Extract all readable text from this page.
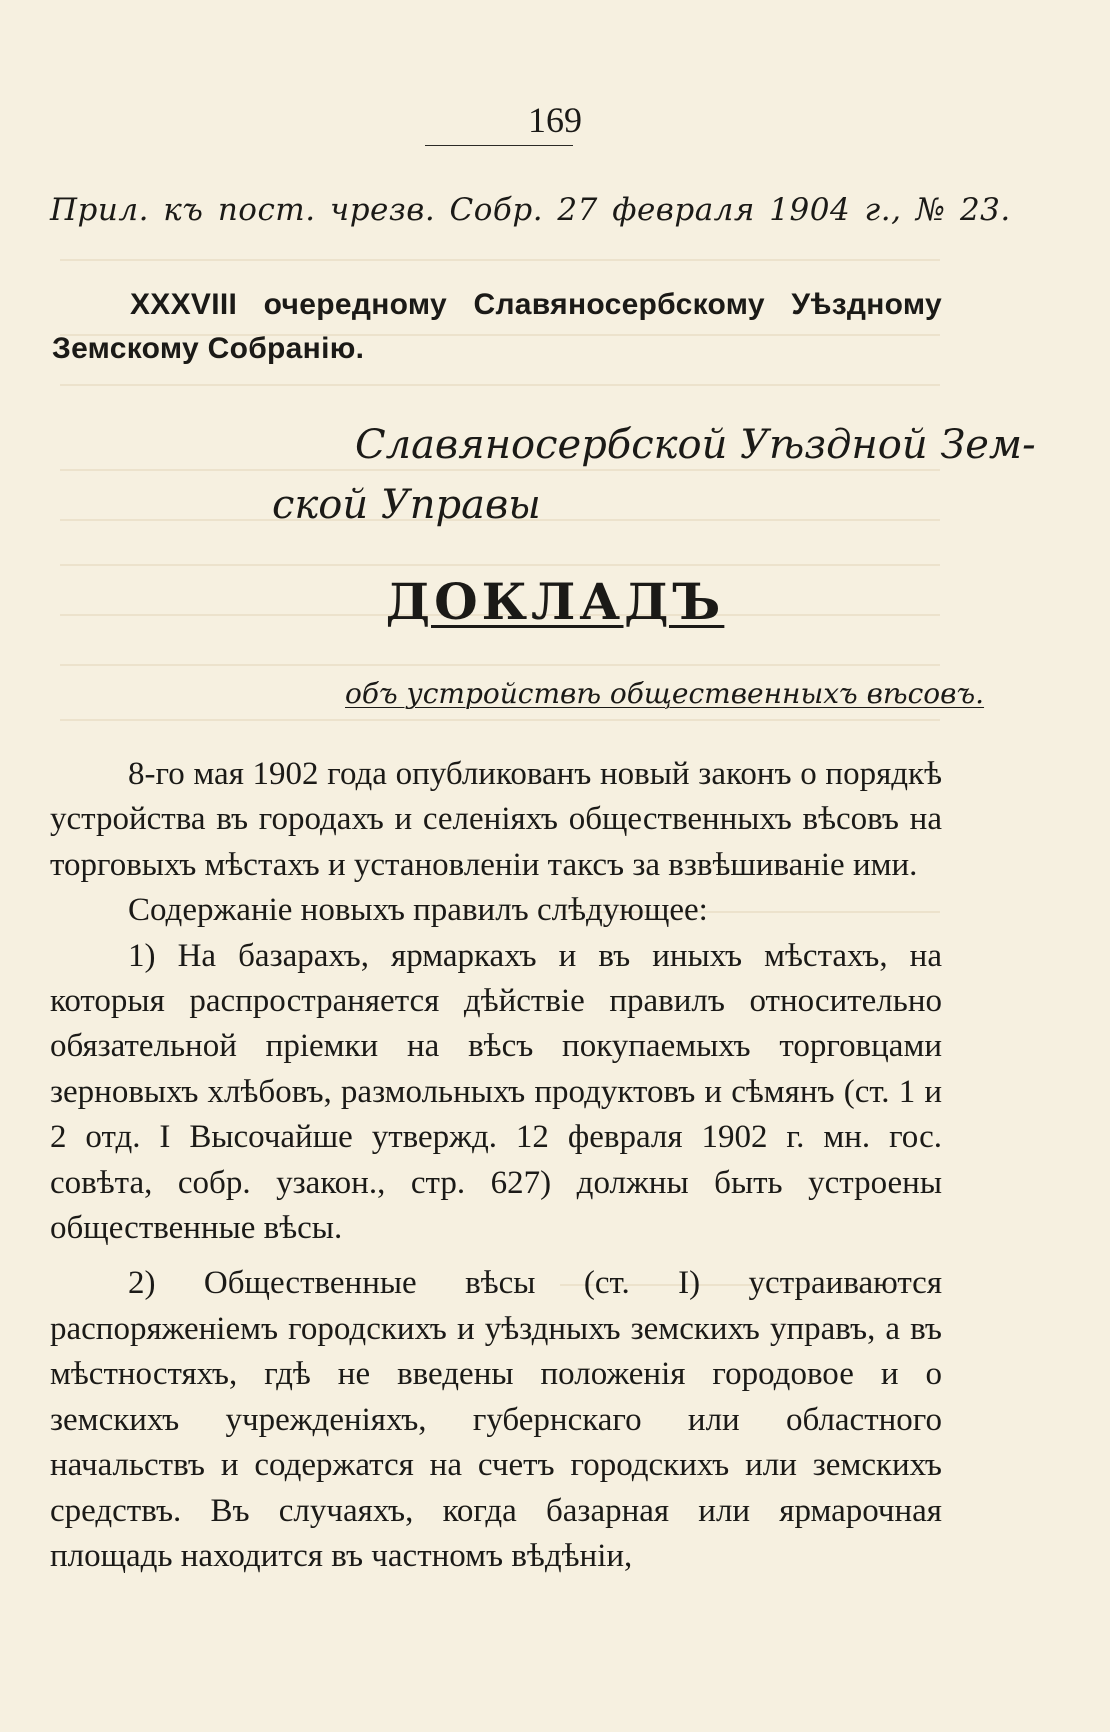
169
Прил. къ пост. чрезв. Собр. 27 февраля 1904 г., № 23.
XXXVIII очередному Славяносербскому Уѣздному Земскому Собранію.
Славяносербской Уѣздной Зем-
ской Управы
ДОКЛАДЪ
объ устройствѣ общественныхъ вѣсовъ.

8-го мая 1902 года опубликованъ новый законъ о порядкѣ устройства въ городахъ и селеніяхъ общественныхъ вѣсовъ на торговыхъ мѣстахъ и установлeніи таксъ за взвѣшиваніе ими.

Содержаніе новыхъ правилъ слѣдующее:

1) На базарахъ, ярмаркахъ и въ иныхъ мѣстахъ, на которыя распространяется дѣйствіе правилъ относительно обязательной пріемки на вѣсъ покупаемыхъ торговцами зерновыхъ хлѣбовъ, размольныхъ продуктовъ и сѣмянъ (ст. 1 и 2 отд. I Высочайше утвержд. 12 февраля 1902 г. мн. гос. совѣта, собр. узакон., стр. 627) должны быть устроены общественные вѣсы.

2) Общественные вѣсы (ст. I) устраиваются распоряженіемъ городскихъ и уѣздныхъ земскихъ управъ, а въ мѣстностяхъ, гдѣ не введены положенія городовое и о земскихъ учрежденіяхъ, губернскаго или областного начальствъ и содержатся на счетъ городскихъ или земскихъ средствъ. Въ случаяхъ, когда базарная или ярмарочная площадь находится въ частномъ вѣдѣніи,
